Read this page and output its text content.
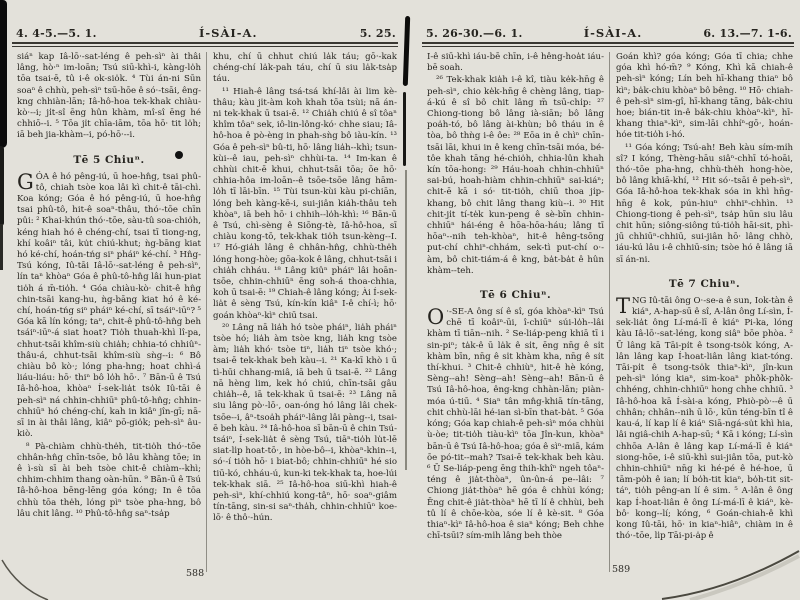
4. 4-5.—5. 1.	Í-SÀI-A.	5. 25.

siáⁿ kap Iâ-lō·-sat-léng ê peh-sìⁿ ài thâi lâng, hò·ⁿ im-loān; Tsú siū-khì-i, kàng-lo̍h tōa tsai-ē, tû i-ê ok-sio̍k. ⁴ Tùi án-ni Sūn soaⁿ ê chhù, peh-sìⁿ tsū-hōe ê só·-tsāi, êng-kng chhiàn-lān; Iâ-hô-hoa tek-khak chiàu-kò·--i; ji̍t-sî ēng hûn khàm, mî-sî ēng hé chhiō--i. ⁵ Tōa ji̍t chīa-iām, tōa hō· tit lo̍h; iā beh jia-khàm--i, pó-hō·--i.

Tē 5 Chiuⁿ.

GÓA ê hó pêng-iú, ū hoe-hn̂g, tsai phû-tô, chiah tsòe koa lâi kì chit-ê tāi-chì. Koa kóng; Góa ê hó pêng-iú, ū hoe-hn̂g tsai phû-tô, hit-ê soaⁿ-thâu, thó·-tōe chīn pûi: ² Khai-khún thó·-tōe, sàu-tû soa-chio̍h, kéng hiah hó ê chéng-chí, tsai tī tiong-ng, khí koâiⁿ tâi, ku̍t chiú-khut; ǹg-bāng kiat hó ké-chí, hoán-tńg siⁿ pháiⁿ ké-chí. ³ Hn̂g-Tsú kóng, Iû-tāi Iâ-lō·-sat-léng ê peh-sìⁿ, lín taⁿ khòaⁿ Góa ê phû-tô-hn̂g lâi hun-piat tio̍h á m̄-tio̍h. ⁴ Góa chiàu-kò· chit-ê hn̂g chin-tsāi kang-hu, ǹg-bāng kiat hó ê ké-chí, hoán-tńg siⁿ pháiⁿ ké-chí, sī tsáiⁿ-iūⁿ? ⁵ Góa kā lín kóng; taⁿ, chit-ê phû-tô-hn̂g beh tsáiⁿ-iūⁿ-á siat hoat? Tio̍h thuah-khì lî-pa, chhut-tsāi khîm-siù chia̍h; chhia-tó chhiûⁿ-thâu-á, chhut-tsāi khîm-siù sǹg--i: ⁶ Bô chiàu bô kò·; lóng pha-hng; hoat chhì-á liáu-liáu: hō· thiⁿ bô lo̍h hō·. ⁷ Bān-ū ê Tsú Iâ-hô-hoa, khòaⁿ Í-sek-lia̍t tso̍k Iû-tāi ê peh-sìⁿ ná chhin-chhiūⁿ phû-tô-hn̂g; chhin-chhiūⁿ hó chéng-chí, kah in kiâⁿ jîn-gī; nā-sī in ài thâi lâng, kiâⁿ pō-gio̍k; peh-sìⁿ âu-kiò.

⁸ Pà-chiàm chhù-the̍h, tit-tio̍h thó·-tōe chhân-hn̂g chīn-tsōe, bô lâu khàng tōe; in ê ì-sù sī ài beh tsòe chit-ê chiàm--khì; chhim-chhim thang oàn-hūn. ⁹ Bān-ū ê Tsú Iâ-hô-hoa bēng-lēng góa kóng; In ê tōa chhù tōa the̍h, lóng pìⁿ tsòe pha-hng, bô lâu chit lâng. ¹⁰ Phû-tô-hn̂g saⁿ-tsa̍p

khu, chí ū chhut chiú la̍k táu; gō·-kak chéng-chí la̍k-pah táu, chí ū siu la̍k-tsa̍p táu.

¹¹ Hiah-ê lâng tsá-tsá khí-lâi ài lim kè-thâu; kàu ji̍t-àm koh khah tōa tsùi; nā án-ni tek-khak ū tsai-ē. ¹² Chia̍h chiú ê sî tôaⁿ khîm tôaⁿ sek, iô-lin-lông-kó· chhe siau; Iâ-hô-hoa ê pò-èng in phah-sǹg bô iàu-kín. ¹³ Góa ê peh-sìⁿ bû-ti, hō· lâng lia̍h--khì; tsun-kùi--ê iau, peh-sìⁿ chhùi-ta. ¹⁴ Im-kan ê chhùi chit-ē khui, chhut-tsāi tōa; ōe hō· chhia-hôa im-loān--ê tsōe-tsōe lâng hām-lo̍h tī lāi-bīn. ¹⁵ Tùi tsun-kùi kàu pi-chiān, lóng beh kàng-kē-i, sui-jiân kia̍h-thâu teh khòaⁿ, iā beh hō· i chhih--lo̍h-khì: ¹⁶ Bān-ū ê Tsú, chì-sèng ê Siōng-tè, Iâ-hô-hoa, sī chiàu kong-tō, tek-khak tio̍h tsun-kèng--I. ¹⁷ Hó-gia̍h lâng ê chhân-hn̂g, chhù-the̍h lóng hong-hòe; gōa-kok ê lâng, chhut-tsāi i chia̍h chháu. ¹⁸ Lâng kiûⁿ pháiⁿ lâi hoān-tsōe, chhin-chhiūⁿ ēng soh-á thoa-chhia, koh ū tsai-ē: ¹⁹ Chiah-ê lâng kóng; Ài Í-sek-lia̍t ê sèng Tsú, kín-kín kiâⁿ I-ê chí-ì; hō· goán khòaⁿ-kìⁿ chiū tsai.

²⁰ Lâng nā lia̍h hó tsòe pháiⁿ, lia̍h pháiⁿ tsòe hó; lia̍h àm tsòe kng, lia̍h kng tsòe àm; lia̍h khó· tsòe tiⁿ, lia̍h tiⁿ tsòe khó·; tsai-ē tek-khak beh kàu--i. ²¹ Ka-kī khò i ū tì-hūi chhang-miâ, iā beh ū tsai-ē. ²² Lâng nā hèng lim, kek hó chiú, chīn-tsāi gâu chia̍h--ê, iā tek-khak ū tsai-ē: ²³ Lâng nā siu lâng pò·-lō·, oan-óng hó lâng lâi chek-tsōe--i, âⁿ-tsoa̍h pháiⁿ-lâng lâi pàng--i, tsai-ē beh kàu. ²⁴ Iâ-hô-hoa sī bān-ū ê chin Tsú-tsáiⁿ, Í-sek-lia̍t ê sèng Tsú, tiāⁿ-tio̍h lu̍t-lē siat-li̍p hoat-tō·, in hòe-bô--i, khòaⁿ-khin--i, só·-í tio̍h hō· i biat-bô; chhin-chhiūⁿ hé sio tiū-kó, chháu-ú, kun-ki tek-khak ta, hoe-lúi tek-khak siā. ²⁵ Iâ-hô-hoa siū-khì hiah-ê peh-sìⁿ, khí-chhiú kong-tâⁿ, hō· soaⁿ-giâm tín-tāng, sin-si saⁿ-tha̍h, chhin-chhiūⁿ koe-lō· ê thô·-hún.

588
5. 26-30.—6. 1.	Í-SÀI-A.	6. 13.—7. 1-6.

I-ê siū-khì iáu-bē chīn, i-ê hêng-hoa̍t iáu-bē soah.

²⁶ Tek-khak kia̍h i-ê kî, tiàu ke̍k-hn̄g ê peh-sìⁿ, chio ke̍k-hn̄g ê chèng lâng, tiap-á-kú ê sî bô chit lâng m̄ tsū-chi̍p: ²⁷ Chiong-tiong bô lâng ià-siān; bô lâng poa̍h-tó, bô lâng ài-khùn; bô tháu in ê tòa, bô thǹg i-ê ôe: ²⁸ Eōa in ê chìⁿ chīn-tsāi lāi, khui in ê keng chīn-tsāi móa, bé-tôe khah tāng hé-chio̍h, chhia-lûn khah kín tōa-hong: ²⁹ Háu-hoah chhin-chhiūⁿ sai-bú, hoah-hiàm chhin-chhiūⁿ sai-kiáⁿ; chit-ē kā i só· tit-tio̍h, chiū thoa ji̍p-khang, bô chit lâng thang kiù--i. ³⁰ Hit chit-ji̍t tí-te̍k kun-peng ê sè-bīn chhin-chhiūⁿ hái-éng ê hōa-hōa-háu; lâng tī hōaⁿ--nih teh-khòaⁿ, hit-ê hêng-tsōng put-chí chhiⁿ-chhám, sek-tì put-chí o·-àm, bô chit-tiám-á ê kng, ba̍t-ba̍t ê hûn khàm--teh.

Tē 6 Chiuⁿ.

O ·-SE-A ông sí ê sî, góa khòaⁿ-kìⁿ Tsú chē tī koâiⁿ-ūi, î-chiūⁿ súi-lo̍h--lâi khàm tī tiān--nih. ² Se-liáp-peng khiā tī i sin-piⁿ; ta̍k-ê ū la̍k ê si̍t, ēng nn̄g ê si̍t khàm bīn, nn̄g ê si̍t khàm kha, nn̄g ê si̍t thí-khui. ³ Chit-ê chhiùⁿ, hit-ê hè kóng, Sèng--ah! Sèng--ah! Sèng--ah! Bān-ū ê Tsú Iâ-hô-hoa, êng-kng chhàn-lān; piàn-móa ú-tiū. ⁴ Siaⁿ tân mn̂g-khiā tín-tāng, chit chhù-lāi hé-ian sì-bīn that-ba̍t. ⁵ Góa kóng; Góa kap chiah-ê peh-sìⁿ móa chhùi ù-òe; tit-tio̍h tiàu-kìⁿ tōa Jîn-kun, khòaⁿ bān-ū ê Tsú Iâ-hô-hoa; góa ê sìⁿ-miā, kám ōe pó-tit--mah? Tsai-ē tek-khak beh kàu. ⁶ Ū Se-liáp-peng ēng thih-khîⁿ ngeh tôaⁿ-téng ê jia̍t-thòaⁿ, ûn-ûn-á pe--lâi: ⁷ Chiong jia̍t-thòaⁿ hē góa ê chhùi kóng; Ēng chit-ê jia̍t-thòaⁿ hē tī lí ê chhùi, beh tû lí ê chōe-kòa, sóe lí ê kè-sit. ⁸ Góa thiaⁿ-kìⁿ Iâ-hô-hoa ê siaⁿ kóng; Beh chhe chī-tsūi? sím-mi̍h lâng beh thòe

Goán khì? góa kóng; Góa tī chia; chhe góa khì hó-m̄? ⁹ Kóng, Khì kā chiah-ê peh-sìⁿ kóng; Lín beh hī-khang thiaⁿ bô kìⁿ; ba̍k-chiu khòaⁿ bô bêng. ¹⁰ Hō· chiah-ê peh-sìⁿ sim-gî, hī-khang tāng, ba̍k-chiu hoe; bián-tit in-ê ba̍k-chiu khòaⁿ-kìⁿ, hī-khang thiaⁿ-kìⁿ, sim-lāi chhíⁿ-gō·, hoán-hóe tit-tio̍h i-hó.

¹¹ Góa kóng; Tsú-ah! Beh kàu sím-mi̍h sî? I kóng, Thèng-hāu siâⁿ-chhī tó-hoāi, thó·-tōe pha-hng, chhù-the̍h hong-hòe, bô lâng khiā-khí, ¹² Hit só·-tsāi ê peh-sìⁿ, Góa Iâ-hô-hoa tek-khak sóa in khì hn̄g-hn̄g ê kok, pún-hiuⁿ chhiⁿ-chhìn. ¹³ Chiong-tiong ê peh-sìⁿ, tsa̍p hūn siu lâu chit hūn; siông-siông tú-tio̍h hāi-sit, phì-jū chhiūⁿ-chhiū, sui-jiân hō· lâng chhò, iáu-kú lâu i-ê chhiū-sin; tsòe hó ê lâng iā sī án-ni.

Tē 7 Chiuⁿ.

TNG Iû-tāi ông O·-se-a ê sun, Iok-tàn ê kiáⁿ, A-hap-sū ê sî, A-lân ông Lí-sìn, Í-sek-lia̍t ông Lí-má-lī ê kiáⁿ Pi-ka, lóng kàu Iâ-lō·-sat-léng, kong siâⁿ bōe phòa. ² Ū lâng kā Tāi-pi̍t ê tsong-tso̍k kóng, A-lân lâng kap Í-hoat-liân lâng kiat-tóng. Tāi-pi̍t ê tsong-tso̍k thiaⁿ-kìⁿ, jîn-kun peh-sìⁿ lóng kiaⁿ, sim-koaⁿ phò̍k-phò̍k-chhéng, chhin-chhiūⁿ hong chhe chhiū. ³ Iâ-hô-hoa kā Í-sài-a kóng, Phiò-pò·--ê ū chhân; chhân--nih ū lō·, kūn téng-bīn tî ê kau-á, lí kap lí ê kiáⁿ Siā-ngá-su̍t khì hia, lâi ngiâ-chih A-hap-sū; ⁴ Kā i kóng; Lí-sìn chhōa A-lân ê lâng kap Lí-má-lī ê kiáⁿ siong-hōe, i-ê siū-khì sui-jiân tōa, put-kò chhin-chhiūⁿ nn̄g ki hé-pé ê hé-hoe, ū tām-po̍h ê ian; lí bo̍h-tit kiaⁿ, bo̍h-tit sit-táⁿ, tio̍h pêng-an lí ê sim. ⁵ A-lân ê ông kap Í-hoat-liân ê ông Lí-má-lī ê kiáⁿ, kè-bô· kong--lí; kóng, ⁶ Goán-chiah-ê khì kong Iû-tāi, hō· in kiaⁿ-hiâⁿ, chiàm in ê thó·-tōe, li̍p Tāi-pi-a̍p ê

589
